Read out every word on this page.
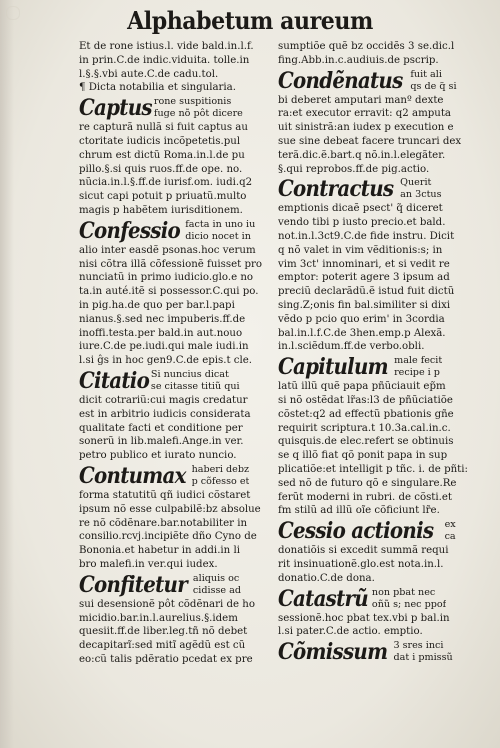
Alphabetum aureum
Et de rone istius.l. vide bald.in.l.f.
in prin.C.de indic.viduita. tolle.in
l.§.§.vbi aute.C.de cadu.tol.
¶ Dicta notabilia et singularia.
Captus rone suspitionis
fuge nõ pôt dicere
re capturã nullã si fuit captus au
ctoritate iudicis incõpetetis.pul
chrum est dictũ Roma.in.l.de pu
pillo.§.si quis ruos.ff.de ope. no.
nũcia.in.l.§.ff.de iurisf.om. iudi.q2
sicut capi potuit p priuatũ.multo
magis p habẽtem iurisditionem.
Confessio facta in uno iu
dicio nocet in
alio inter easdẽ psonas.hoc verum
nisi cõtra illã cõfessionẽ fuisset pro
nunciatũ in primo iudicio.glo.e no
ta.in auté.itẽ si possessor.C.qui po.
in pig.ha.de quo per bar.l.papi
nianus.§.sed nec impuberis.ff.de
inoffi.testa.per bald.in aut.nouo
iure.C.de pe.iudi.qui male iudi.in
l.si ĝs in hoc gen9.C.de epis.t cle.
Citatio Si nuncius dicat
se citasse titiũ qui
dicit cotrariũ:cui magis credatur
est in arbitrio iudicis considerata
qualitate facti et conditione per
sonerũ in lib.malefi.Ange.in ver.
petro publico et iurato nuncio.
Contumax haberi debz
p cõfesso et
forma statutitũ qñ iudici cõstaret
ipsum nõ esse culpabilẽ:bz absolue
re nõ cõdẽnare.bar.notabiliter in
consilio.rcvj.incipiẽte dño Cyno de
Bononia.et habetur in addi.in li
bro malefi.in ver.qui iudex.
Confitetur aliquis oc
cidisse ad
sui desensionẽ pôt cõdẽnari de ho
micidio.bar.in.l.aurelius.§.idem
quesiit.ff.de liber.leg.tñ nõ debet
decapitarĩ:sed mitĩ agẽdũ est cũ
eo:cũ talis pdẽratio pcedat ex pre
sumptiõe quẽ bz occidẽs 3 se.dic.l
fing.Abb.in.c.audiuis.de pscrip.
Condẽnatus fuit ali
qs de q̃ si
bi deberet amputari manº dexte
ra:et executor erravit: q2 amputa
uit sinistrã:an iudex p execution e
sue sine debeat facere truncari dex
terã.dic.ẽ.bart.q nõ.in.l.elegãter.
§.qui reprobos.ff.de pig.actio.
Contractus Querit
an 3ctus
emptionis dicaẽ psect' q̃ diceret
vendo tibi p iusto precio.et bald.
not.in.l.3ct9.C.de fide instru. Dicit
q nõ valet in vim vẽditionis:s; in
vim 3ct' innominari, et si vedit re
emptor: poterit agere 3 ipsum ad
preciũ declarãdũ.ẽ istud fuit dictũ
sing.Z;onis fin bal.similiter si dixi
vẽdo p pcio quo erim' in 3cordia
bal.in.l.f.C.de 3hen.emp.p Alexã.
in.l.sciẽdum.ff.de verbo.obli.
Capitulum male fecit
recipe i p
latũ illũ quẽ papa pñũciauit ep̃m
si nõ ostẽdat lr̃as:l3 de pñũciatiõe
cõstet:q2 ad effectũ pbationis gñe
requirit scriptura.t 10.3a.cal.in.c.
quisquis.de elec.refert se obtinuis
se q illõ fiat qõ ponit papa in sup
plicatiõe:et intelligit p tñc. i. de pñti:
sed nõ de futuro qõ e singulare.Re
ferũt moderni in rubri. de cõsti.et
fm stilũ ad illũ oĩe cõficiunt lr̃e.
Cessio actionis ex
ca
donatiõis si excedit summã requi
rit insinuationẽ.glo.est nota.in.l.
donatio.C.de dona.
Catastrũ non pbat nec
oñũ s; nec ppof
sessionẽ.hoc pbat tex.vbi p bal.in
l.si pater.C.de actio. emptio.
Cõmissum 3 sres inci
dat i pmissũ
